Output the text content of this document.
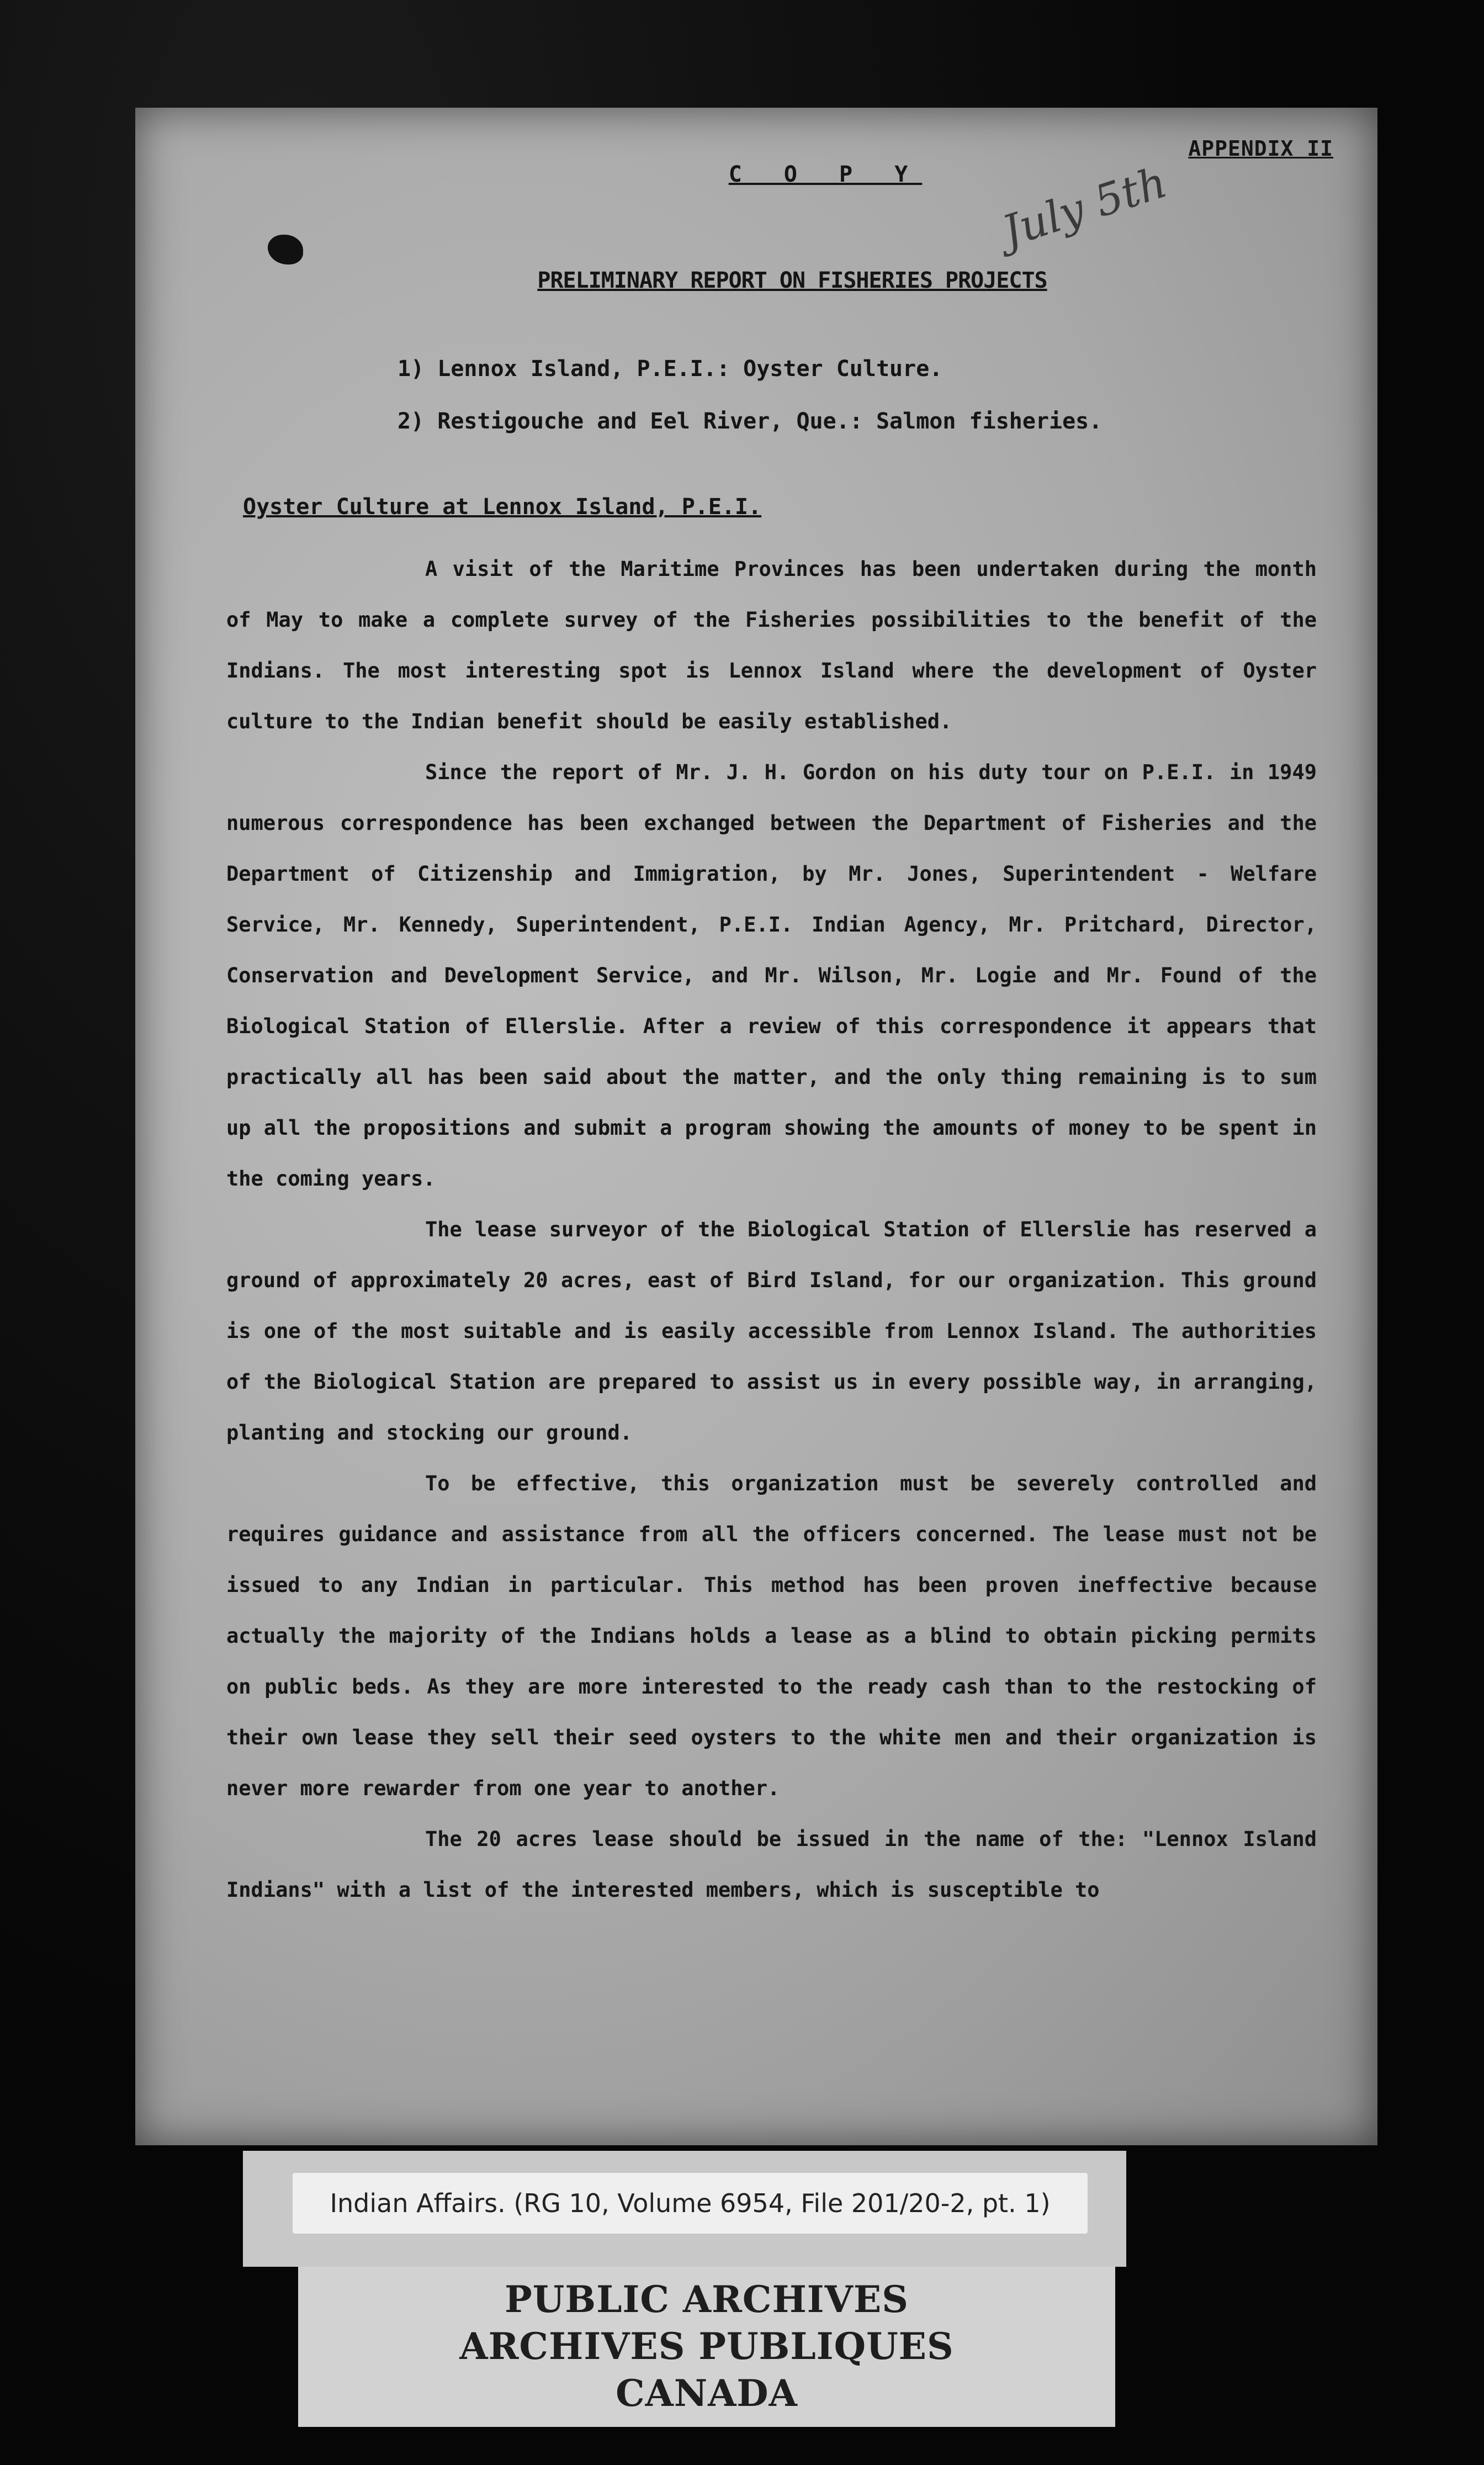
APPENDIX II
C O P Y	July 5th
PRELIMINARY REPORT ON FISHERIES PROJECTS
1) Lennox Island, P.E.I.: Oyster Culture.
2) Restigouche and Eel River, Que.: Salmon fisheries.
Oyster Culture at Lennox Island, P.E.I.

A visit of the Maritime Provinces has been undertaken during the month of May to make a complete survey of the Fisheries possibilities to the benefit of the Indians. The most interesting spot is Lennox Island where the development of Oyster culture to the Indian benefit should be easily established.

Since the report of Mr. J. H. Gordon on his duty tour on P.E.I. in 1949 numerous correspondence has been exchanged between the Department of Fisheries and the Department of Citizenship and Immigration, by Mr. Jones, Superintendent - Welfare Service, Mr. Kennedy, Superintendent, P.E.I. Indian Agency, Mr. Pritchard, Director, Conservation and Development Service, and Mr. Wilson, Mr. Logie and Mr. Found of the Biological Station of Ellerslie. After a review of this correspondence it appears that practically all has been said about the matter, and the only thing remaining is to sum up all the propositions and submit a program showing the amounts of money to be spent in the coming years.

The lease surveyor of the Biological Station of Ellerslie has reserved a ground of approximately 20 acres, east of Bird Island, for our organization. This ground is one of the most suitable and is easily accessible from Lennox Island. The authorities of the Biological Station are prepared to assist us in every possible way, in arranging, planting and stocking our ground.

To be effective, this organization must be severely controlled and requires guidance and assistance from all the officers concerned. The lease must not be issued to any Indian in particular. This method has been proven ineffective because actually the majority of the Indians holds a lease as a blind to obtain picking permits on public beds. As they are more interested to the ready cash than to the restocking of their own lease they sell their seed oysters to the white men and their organization is never more rewarder from one year to another.

The 20 acres lease should be issued in the name of the: "Lennox Island Indians" with a list of the interested members, which is susceptible to

Indian Affairs. (RG 10, Volume 6954, File 201/20-2, pt. 1)
PUBLIC ARCHIVES
ARCHIVES PUBLIQUES
CANADA
